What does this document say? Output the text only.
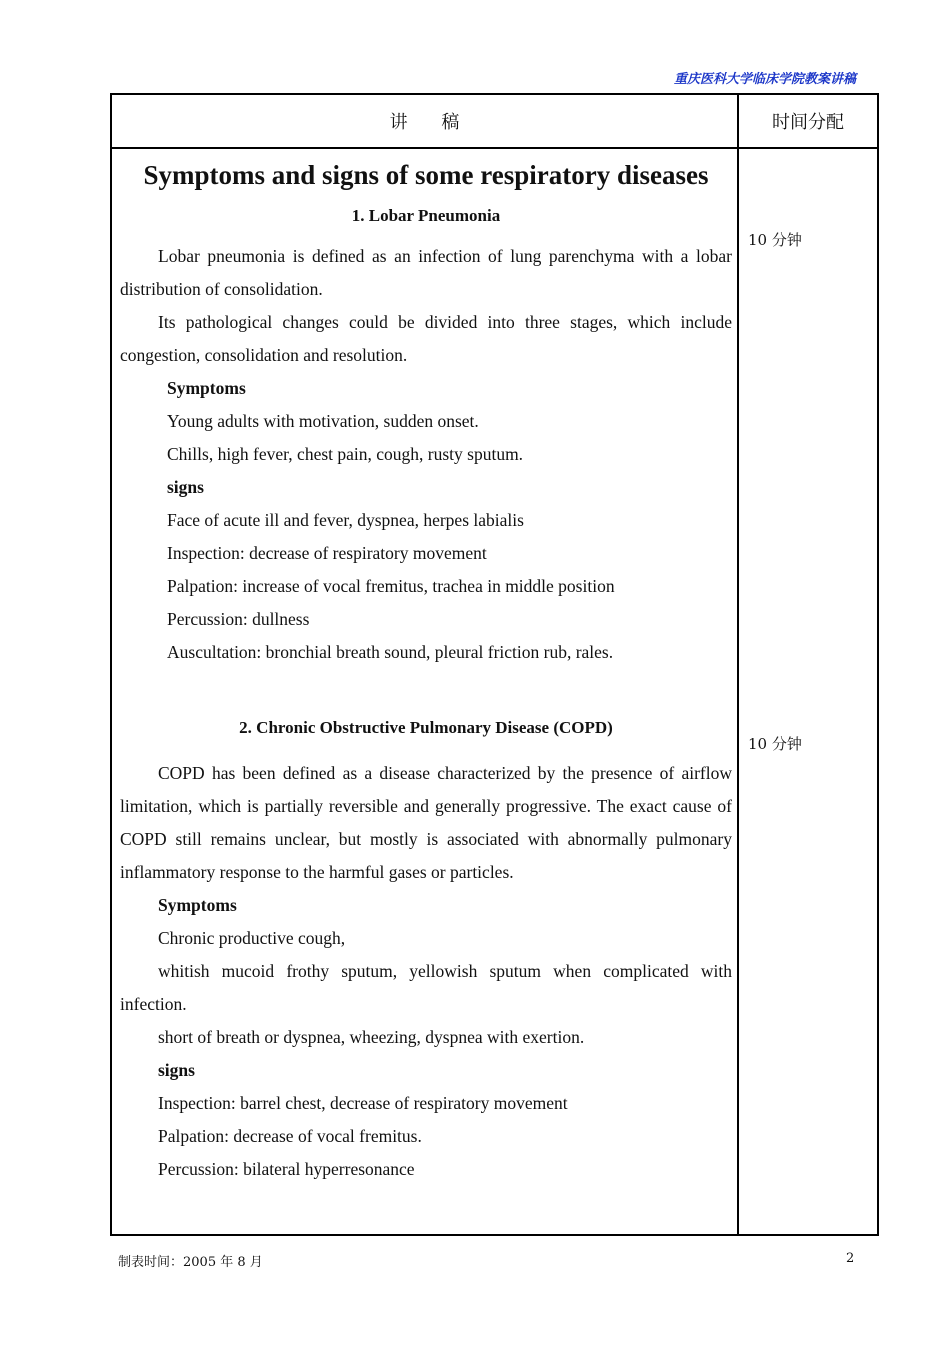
重庆医科大学临床学院教案讲稿
讲 稿	时间分配
Symptoms and signs of some respiratory diseases
1. Lobar Pneumonia

Lobar pneumonia is defined as an infection of lung parenchyma with a lobar distribution of consolidation.

Its pathological changes could be divided into three stages, which include congestion, consolidation and resolution.

Symptoms

Young adults with motivation, sudden onset.

Chills, high fever, chest pain, cough, rusty sputum.

signs

Face of acute ill and fever, dyspnea, herpes labialis

Inspection: decrease of respiratory movement

Palpation: increase of vocal fremitus, trachea in middle position

Percussion: dullness

Auscultation: bronchial breath sound, pleural friction rub, rales.

2. Chronic Obstructive Pulmonary Disease (COPD)

COPD has been defined as a disease characterized by the presence of airflow limitation, which is partially reversible and generally progressive. The exact cause of COPD still remains unclear, but mostly is associated with abnormally pulmonary inflammatory response to the harmful gases or particles.

Symptoms

Chronic productive cough,

whitish mucoid frothy sputum, yellowish sputum when complicated with infection.

short of breath or dyspnea, wheezing, dyspnea with exertion.

signs

Inspection: barrel chest, decrease of respiratory movement

Palpation: decrease of vocal fremitus.

Percussion: bilateral hyperresonance

10 分钟
10 分钟
制表时间：2005 年 8 月	2
